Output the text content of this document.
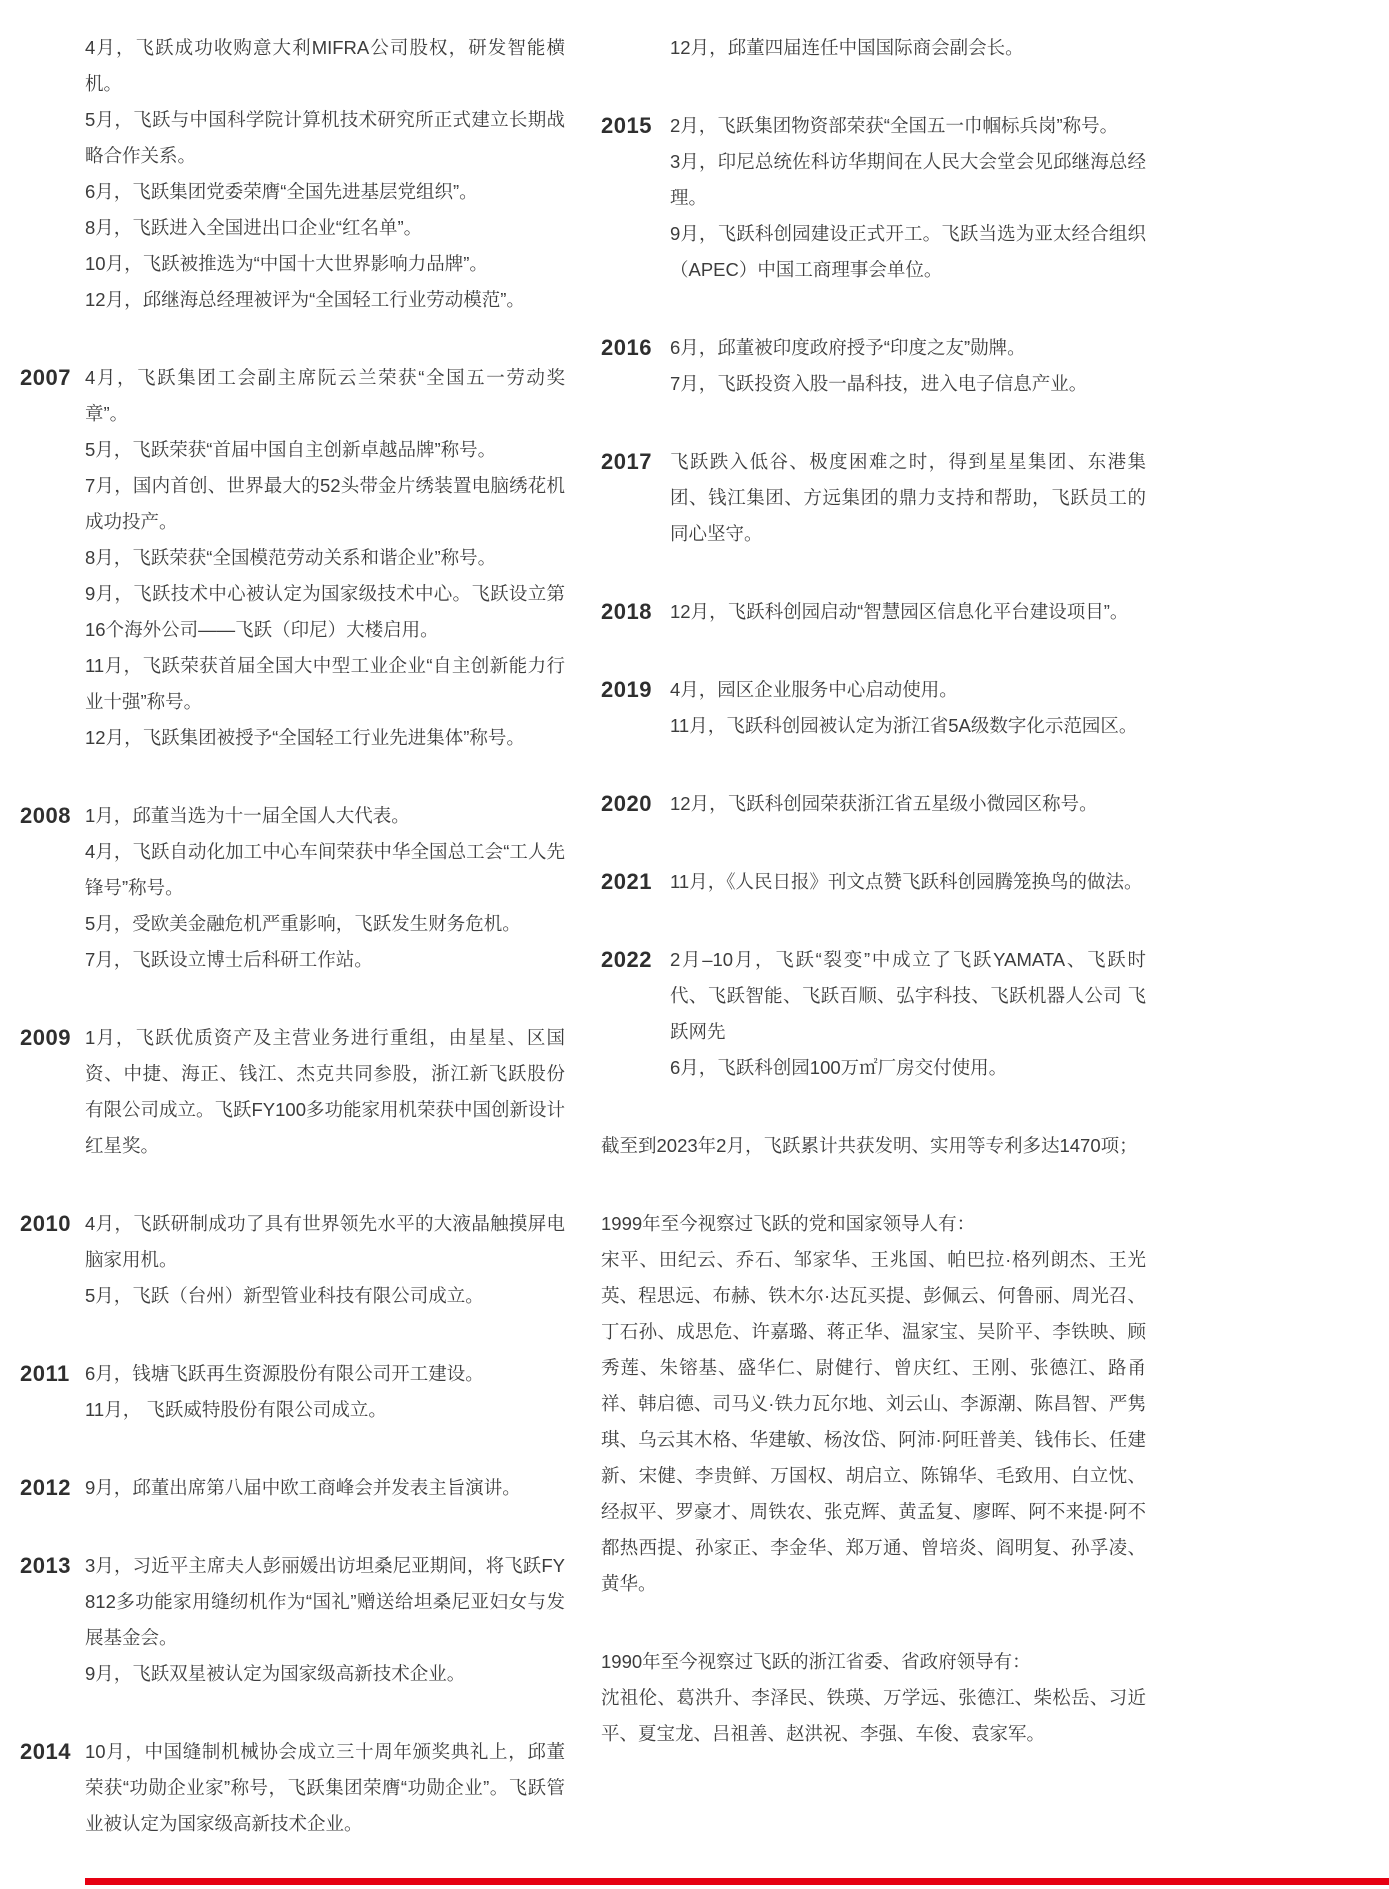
4月，飞跃成功收购意大利MIFRA公司股权，研发智能横机。

5月，飞跃与中国科学院计算机技术研究所正式建立长期战略合作关系。

6月，飞跃集团党委荣膺“全国先进基层党组织”。

8月，飞跃进入全国进出口企业“红名单”。

10月，飞跃被推选为“中国十大世界影响力品牌”。

12月，邱继海总经理被评为“全国轻工行业劳动模范”。

2007 4月，飞跃集团工会副主席阮云兰荣获“全国五一劳动奖章”。

5月，飞跃荣获“首届中国自主创新卓越品牌”称号。

7月，国内首创、世界最大的52头带金片绣装置电脑绣花机成功投产。

8月，飞跃荣获“全国模范劳动关系和谐企业”称号。

9月，飞跃技术中心被认定为国家级技术中心。飞跃设立第16个海外公司——飞跃（印尼）大楼启用。

11月，飞跃荣获首届全国大中型工业企业“自主创新能力行业十强”称号。

12月，飞跃集团被授予“全国轻工行业先进集体”称号。

2008 1月，邱董当选为十一届全国人大代表。

4月，飞跃自动化加工中心车间荣获中华全国总工会“工人先锋号”称号。

5月，受欧美金融危机严重影响，飞跃发生财务危机。

7月，飞跃设立博士后科研工作站。

2009 1月，飞跃优质资产及主营业务进行重组，由星星、区国资、中捷、海正、钱江、杰克共同参股，浙江新飞跃股份有限公司成立。飞跃FY100多功能家用机荣获中国创新设计红星奖。

2010 4月，飞跃研制成功了具有世界领先水平的大液晶触摸屏电脑家用机。

5月，飞跃（台州）新型管业科技有限公司成立。

2011 6月，钱塘飞跃再生资源股份有限公司开工建设。

11月， 飞跃威特股份有限公司成立。

2012 9月，邱董出席第八届中欧工商峰会并发表主旨演讲。

2013 3月，习近平主席夫人彭丽媛出访坦桑尼亚期间，将飞跃FY812多功能家用缝纫机作为“国礼”赠送给坦桑尼亚妇女与发展基金会。

9月，飞跃双星被认定为国家级高新技术企业。

2014 10月，中国缝制机械协会成立三十周年颁奖典礼上，邱董荣获“功勋企业家”称号，飞跃集团荣膺“功勋企业”。飞跃管业被认定为国家级高新技术企业。

12月，邱董四届连任中国国际商会副会长。

2015 2月，飞跃集团物资部荣获“全国五一巾帼标兵岗”称号。

3月，印尼总统佐科访华期间在人民大会堂会见邱继海总经理。

9月，飞跃科创园建设正式开工。飞跃当选为亚太经合组织（APEC）中国工商理事会单位。

2016 6月，邱董被印度政府授予“印度之友”勋牌。

7月，飞跃投资入股一晶科技，进入电子信息产业。

2017 飞跃跌入低谷、极度困难之时，得到星星集团、东港集团、钱江集团、方远集团的鼎力支持和帮助，飞跃员工的同心坚守。

2018 12月，飞跃科创园启动“智慧园区信息化平台建设项目”。

2019 4月，园区企业服务中心启动使用。

11月，飞跃科创园被认定为浙江省5A级数字化示范园区。

2020 12月，飞跃科创园荣获浙江省五星级小微园区称号。

2021 11月，《人民日报》刊文点赞飞跃科创园腾笼换鸟的做法。

2022 2月–10月，飞跃“裂变”中成立了飞跃YAMATA、飞跃时代、飞跃智能、飞跃百顺、弘宇科技、飞跃机器人公司 飞跃网先

6月，飞跃科创园100万㎡厂房交付使用。

截至到2023年2月，飞跃累计共获发明、实用等专利多达1470项；

1999年至今视察过飞跃的党和国家领导人有：

宋平、田纪云、乔石、邹家华、王兆国、帕巴拉·格列朗杰、王光英、程思远、布赫、铁木尔·达瓦买提、彭佩云、何鲁丽、周光召、丁石孙、成思危、许嘉璐、蒋正华、温家宝、吴阶平、李铁映、顾秀莲、朱镕基、盛华仁、尉健行、曾庆红、王刚、张德江、路甬祥、韩启德、司马义·铁力瓦尔地、刘云山、李源潮、陈昌智、严隽琪、乌云其木格、华建敏、杨汝岱、阿沛·阿旺普美、钱伟长、任建新、宋健、李贵鲜、万国权、胡启立、陈锦华、毛致用、白立忱、经叔平、罗豪才、周铁农、张克辉、黄孟复、廖晖、阿不来提·阿不都热西提、孙家正、李金华、郑万通、曾培炎、阎明复、孙孚凌、黄华。

1990年至今视察过飞跃的浙江省委、省政府领导有：

沈祖伦、葛洪升、李泽民、铁瑛、万学远、张德江、柴松岳、习近平、夏宝龙、吕祖善、赵洪祝、李强、车俊、袁家军。
